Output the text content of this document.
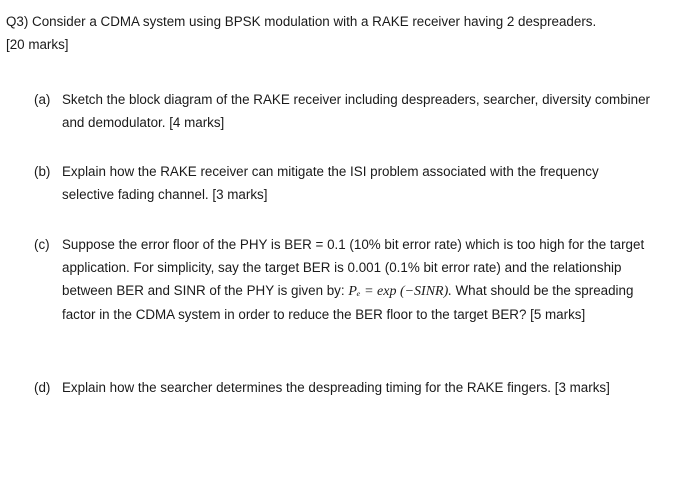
Q3) Consider a CDMA system using BPSK modulation with a RAKE receiver having 2 despreaders.
[20 marks]
(a) Sketch the block diagram of the RAKE receiver including despreaders, searcher, diversity combiner and demodulator. [4 marks]
(b) Explain how the RAKE receiver can mitigate the ISI problem associated with the frequency selective fading channel. [3 marks]
(c) Suppose the error floor of the PHY is BER = 0.1 (10% bit error rate) which is too high for the target application. For simplicity, say the target BER is 0.001 (0.1% bit error rate) and the relationship between BER and SINR of the PHY is given by: Pₑ = exp (−SINR). What should be the spreading factor in the CDMA system in order to reduce the BER floor to the target BER? [5 marks]
(d) Explain how the searcher determines the despreading timing for the RAKE fingers. [3 marks]
